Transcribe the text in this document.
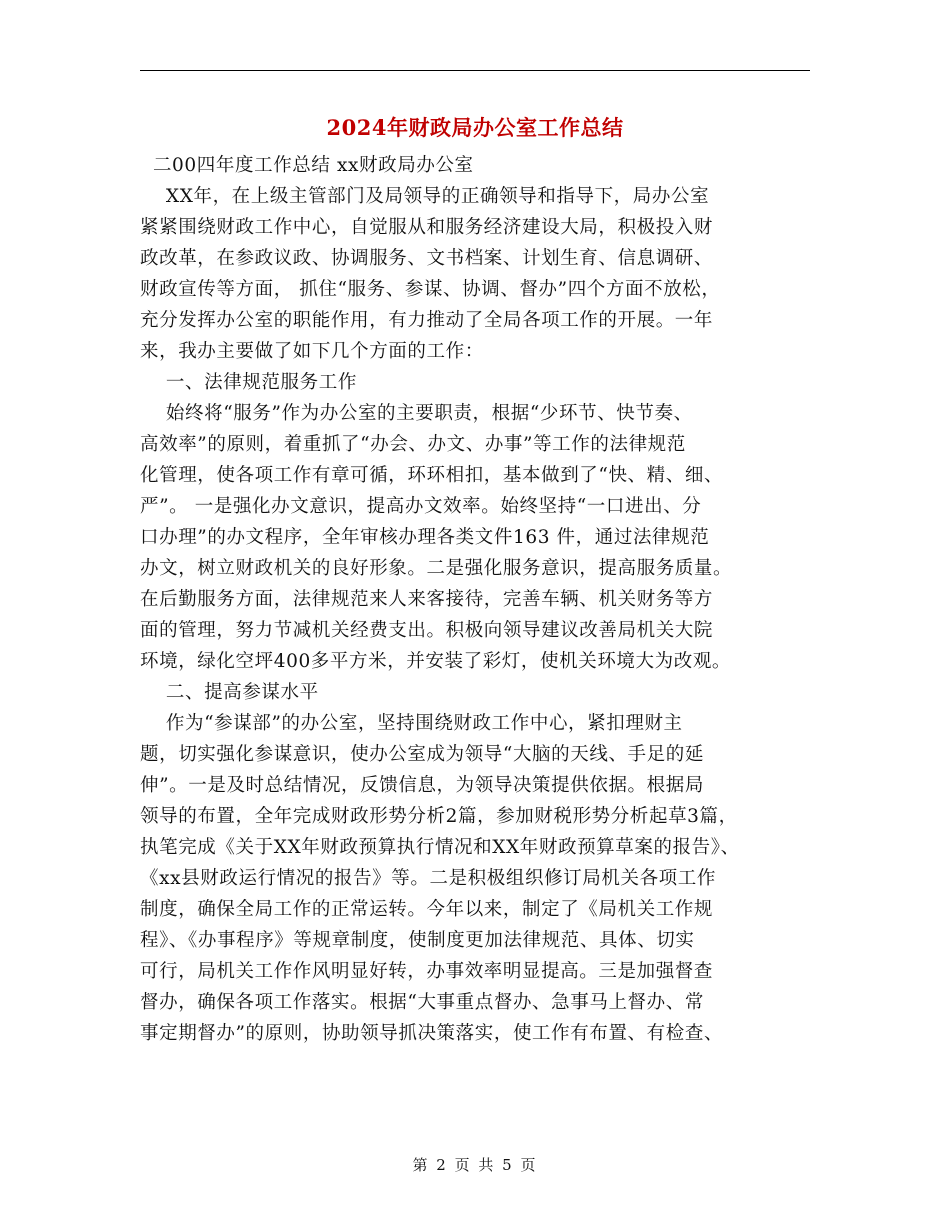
2024年财政局办公室工作总结
二00四年度工作总结 xx财政局办公室
XX年，在上级主管部门及局领导的正确领导和指导下，局办公室
紧紧围绕财政工作中心，自觉服从和服务经济建设大局，积极投入财
政改革，在参政议政、协调服务、文书档案、计划生育、信息调研、
财政宣传等方面， 抓住“服务、参谋、协调、督办”四个方面不放松，
充分发挥办公室的职能作用，有力推动了全局各项工作的开展。一年
来，我办主要做了如下几个方面的工作：
一、法律规范服务工作
始终将“服务”作为办公室的主要职责，根据“少环节、快节奏、
高效率”的原则，着重抓了“办会、办文、办事”等工作的法律规范
化管理，使各项工作有章可循，环环相扣，基本做到了“快、精、细、
严”。 一是强化办文意识，提高办文效率。始终坚持“一口进出、分
口办理”的办文程序，全年审核办理各类文件163 件，通过法律规范
办文，树立财政机关的良好形象。二是强化服务意识，提高服务质量。
在后勤服务方面，法律规范来人来客接待，完善车辆、机关财务等方
面的管理，努力节减机关经费支出。积极向领导建议改善局机关大院
环境，绿化空坪400多平方米，并安装了彩灯，使机关环境大为改观。
二、提高参谋水平
作为“参谋部”的办公室，坚持围绕财政工作中心，紧扣理财主
题，切实强化参谋意识，使办公室成为领导“大脑的天线、手足的延
伸”。一是及时总结情况，反馈信息，为领导决策提供依据。根据局
领导的布置，全年完成财政形势分析2篇，参加财税形势分析起草3篇，
执笔完成《关于XX年财政预算执行情况和XX年财政预算草案的报告》、
《xx县财政运行情况的报告》等。二是积极组织修订局机关各项工作
制度，确保全局工作的正常运转。今年以来，制定了《局机关工作规
程》、《办事程序》等规章制度，使制度更加法律规范、具体、切实
可行，局机关工作作风明显好转，办事效率明显提高。三是加强督查
督办，确保各项工作落实。根据“大事重点督办、急事马上督办、常
事定期督办”的原则，协助领导抓决策落实，使工作有布置、有检查、
第 2 页 共 5 页
